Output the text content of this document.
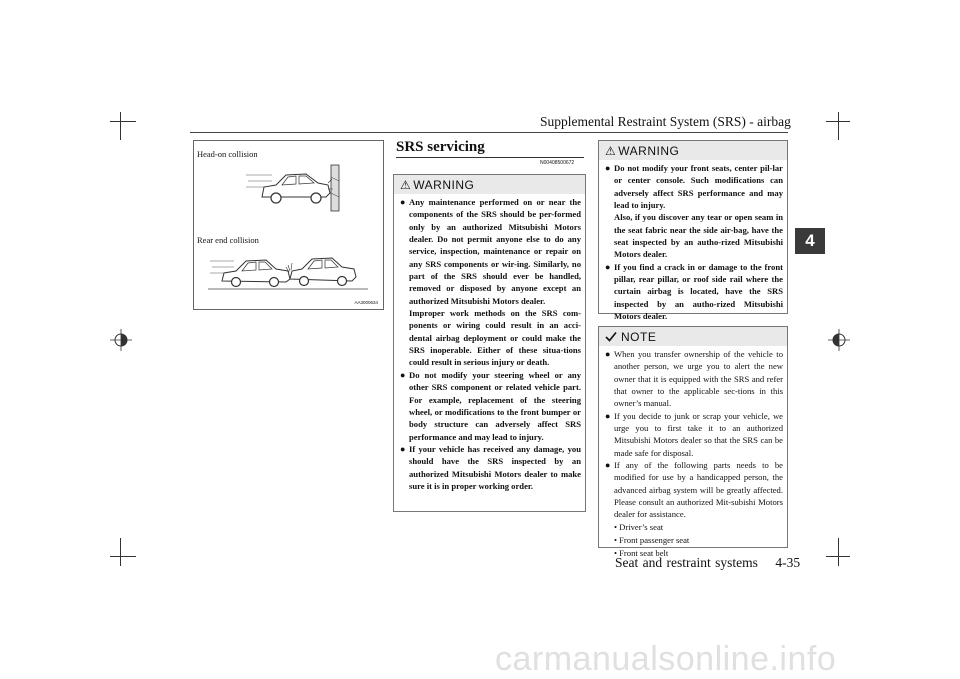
Supplemental Restraint System (SRS) - airbag
4
Head-on collision
Rear end collision
AA3000634
SRS servicing
N00408500672
⚠ WARNING
● Any maintenance performed on or near the components of the SRS should be per-formed only by an authorized Mitsubishi Motors dealer. Do not permit anyone else to do any service, inspection, maintenance or repair on any SRS components or wir-ing. Similarly, no part of the SRS should ever be handled, removed or disposed by anyone except an authorized Mitsubishi Motors dealer.
Improper work methods on the SRS com-ponents or wiring could result in an acci-dental airbag deployment or could make the SRS inoperable. Either of these situa-tions could result in serious injury or death.
● Do not modify your steering wheel or any other SRS component or related vehicle part. For example, replacement of the steering wheel, or modifications to the front bumper or body structure can adversely affect SRS performance and may lead to injury.
● If your vehicle has received any damage, you should have the SRS inspected by an authorized Mitsubishi Motors dealer to make sure it is in proper working order.
⚠ WARNING
● Do not modify your front seats, center pil-lar or center console. Such modifications can adversely affect SRS performance and may lead to injury.
Also, if you discover any tear or open seam in the seat fabric near the side air-bag, have the seat inspected by an autho-rized Mitsubishi Motors dealer.
● If you find a crack in or damage to the front pillar, rear pillar, or roof side rail where the curtain airbag is located, have the SRS inspected by an autho-rized Mitsubishi Motors dealer.
NOTE
● When you transfer ownership of the vehicle to another person, we urge you to alert the new owner that it is equipped with the SRS and refer that owner to the applicable sec-tions in this owner’s manual.
● If you decide to junk or scrap your vehicle, we urge you to first take it to an authorized Mitsubishi Motors dealer so that the SRS can be made safe for disposal.
● If any of the following parts needs to be modified for use by a handicapped person, the advanced airbag system will be greatly affected. Please consult an authorized Mit-subishi Motors dealer for assistance.
• Driver’s seat
• Front passenger seat
• Front seat belt
Seat and restraint systems    4-35
carmanualsonline.info
